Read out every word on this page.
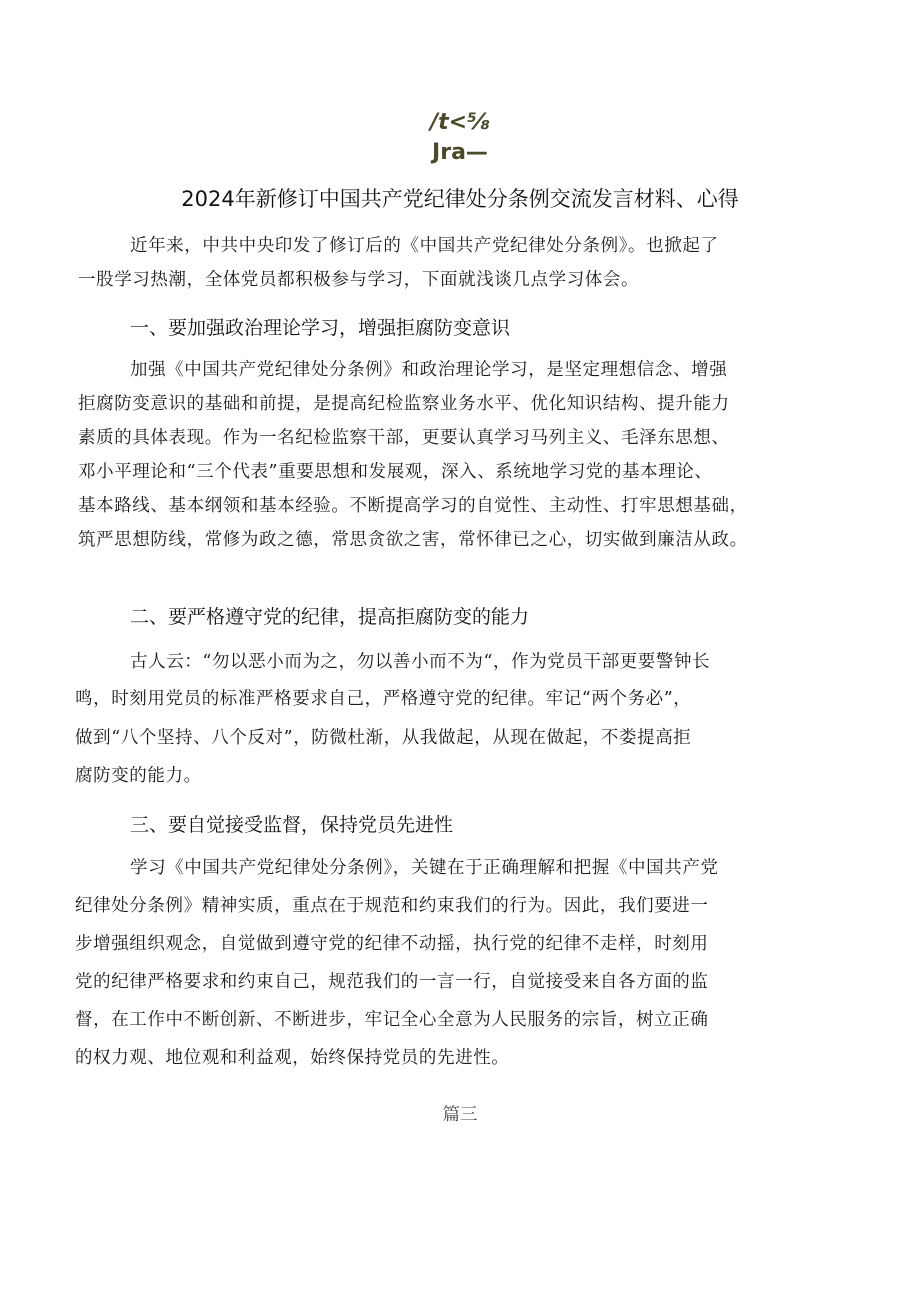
/t<⅝
Jra—
2024年新修订中国共产党纪律处分条例交流发言材料、心得
近年来，中共中央印发了修订后的《中国共产党纪律处分条例》。也掀起了
一股学习热潮，全体党员都积极参与学习，下面就浅谈几点学习体会。
一、要加强政治理论学习，增强拒腐防变意识
加强《中国共产党纪律处分条例》和政治理论学习，是坚定理想信念、增强
拒腐防变意识的基础和前提，是提高纪检监察业务水平、优化知识结构、提升能力
素质的具体表现。作为一名纪检监察干部，更要认真学习马列主义、毛泽东思想、
邓小平理论和“三个代表”重要思想和发展观，深入、系统地学习党的基本理论、
基本路线、基本纲领和基本经验。不断提高学习的自觉性、主动性、打牢思想基础，
筑严思想防线，常修为政之德，常思贪欲之害，常怀律已之心，切实做到廉洁从政。
二、要严格遵守党的纪律，提高拒腐防变的能力
古人云：“勿以恶小而为之，勿以善小而不为“，作为党员干部更要警钟长
鸣，时刻用党员的标准严格要求自己，严格遵守党的纪律。牢记“两个务必”，
做到“八个坚持、八个反对”，防微杜渐，从我做起，从现在做起，不娄提高拒
腐防变的能力。
三、要自觉接受监督，保持党员先进性
学习《中国共产党纪律处分条例》，关键在于正确理解和把握《中国共产党
纪律处分条例》精神实质，重点在于规范和约束我们的行为。因此，我们要进一
步增强组织观念，自觉做到遵守党的纪律不动摇，执行党的纪律不走样，时刻用
党的纪律严格要求和约束自己，规范我们的一言一行，自觉接受来自各方面的监
督，在工作中不断创新、不断进步，牢记全心全意为人民服务的宗旨，树立正确
的权力观、地位观和利益观，始终保持党员的先进性。
篇三
